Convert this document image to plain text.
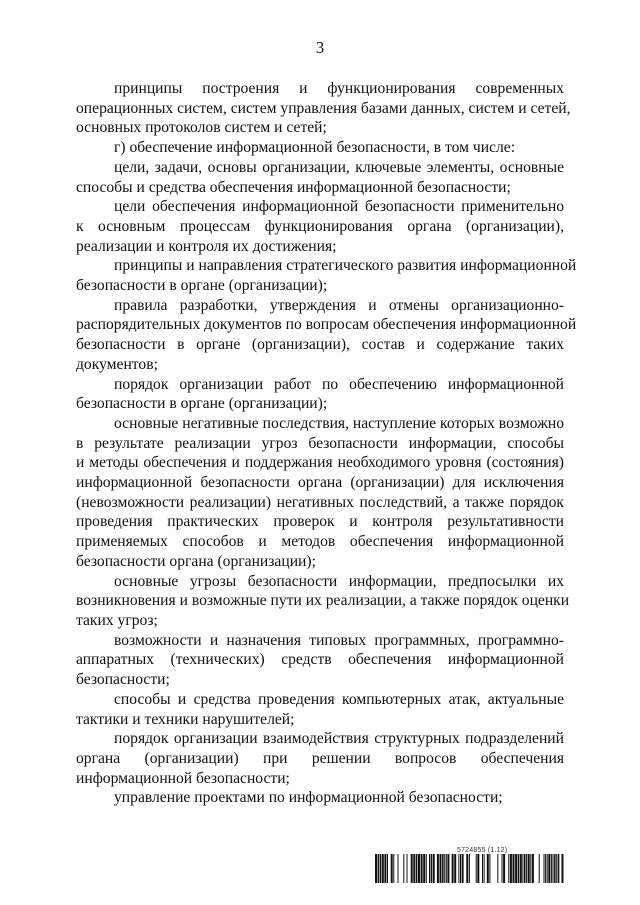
3
принципы построения и функционирования современных
операционных систем, систем управления базами данных, систем и сетей,
основных протоколов систем и сетей;
г) обеспечение информационной безопасности, в том числе:
цели, задачи, основы организации, ключевые элементы, основные
способы и средства обеспечения информационной безопасности;
цели обеспечения информационной безопасности применительно
к основным процессам функционирования органа (организации),
реализации и контроля их достижения;
принципы и направления стратегического развития информационной
безопасности в органе (организации);
правила разработки, утверждения и отмены организационно-
распорядительных документов по вопросам обеспечения информационной
безопасности в органе (организации), состав и содержание таких
документов;
порядок организации работ по обеспечению информационной
безопасности в органе (организации);
основные негативные последствия, наступление которых возможно
в результате реализации угроз безопасности информации, способы
и методы обеспечения и поддержания необходимого уровня (состояния)
информационной безопасности органа (организации) для исключения
(невозможности реализации) негативных последствий, а также порядок
проведения практических проверок и контроля результативности
применяемых способов и методов обеспечения информационной
безопасности органа (организации);
основные угрозы безопасности информации, предпосылки их
возникновения и возможные пути их реализации, а также порядок оценки
таких угроз;
возможности и назначения типовых программных, программно-
аппаратных (технических) средств обеспечения информационной
безопасности;
способы и средства проведения компьютерных атак, актуальные
тактики и техники нарушителей;
порядок организации взаимодействия структурных подразделений
органа (организации) при решении вопросов обеспечения
информационной безопасности;
управление проектами по информационной безопасности;
5724855 (1.12)
